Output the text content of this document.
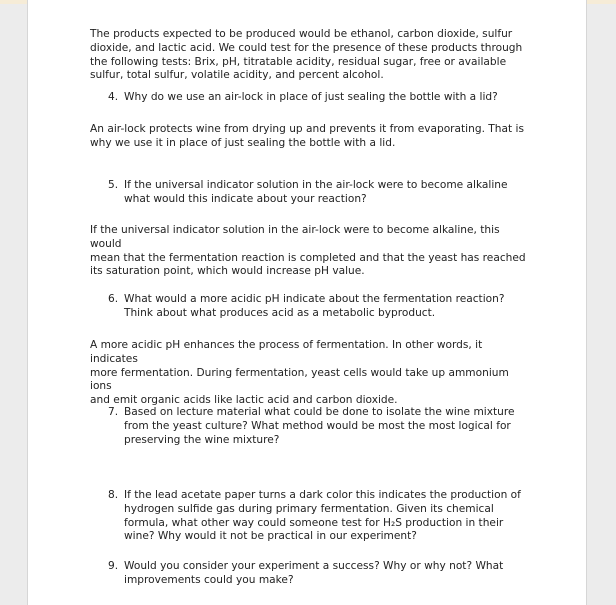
The products expected to be produced would be ethanol, carbon dioxide, sulfur
dioxide, and lactic acid. We could test for the presence of these products through
the following tests: Brix, pH, titratable acidity, residual sugar, free or available
sulfur, total sulfur, volatile acidity, and percent alcohol.

4. Why do we use an air-lock in place of just sealing the bottle with a lid?

An air-lock protects wine from drying up and prevents it from evaporating. That is
why we use it in place of just sealing the bottle with a lid.

5. If the universal indicator solution in the air-lock were to become alkaline
what would this indicate about your reaction?

If the universal indicator solution in the air-lock were to become alkaline, this would
mean that the fermentation reaction is completed and that the yeast has reached
its saturation point, which would increase pH value.

6. What would a more acidic pH indicate about the fermentation reaction?
Think about what produces acid as a metabolic byproduct.

A more acidic pH enhances the process of fermentation. In other words, it indicates
more fermentation. During fermentation, yeast cells would take up ammonium ions
and emit organic acids like lactic acid and carbon dioxide.

7. Based on lecture material what could be done to isolate the wine mixture
from the yeast culture? What method would be most the most logical for
preserving the wine mixture?
8. If the lead acetate paper turns a dark color this indicates the production of
hydrogen sulfide gas during primary fermentation. Given its chemical
formula, what other way could someone test for H₂S production in their
wine? Why would it not be practical in our experiment?
9. Would you consider your experiment a success? Why or why not? What
improvements could you make?
